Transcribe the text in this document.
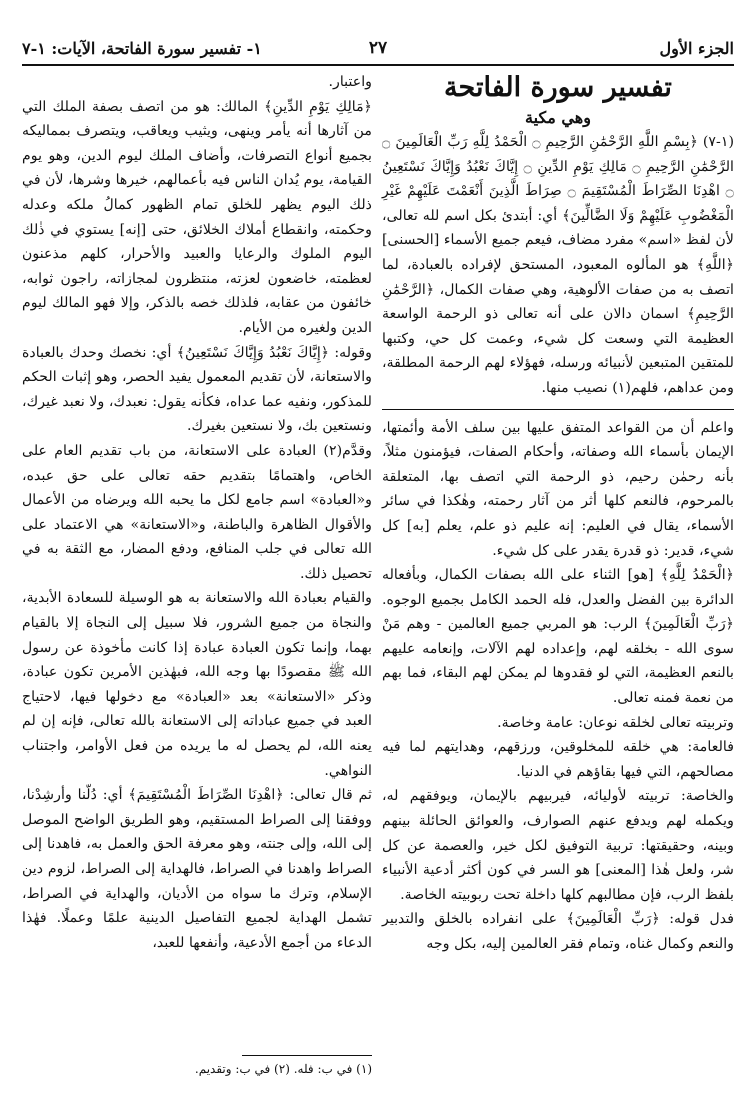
الجزء الأول
٢٧
١- تفسير سورة الفاتحة، الآيات: ١-٧

تفسير سورة الفاتحة

وهي مكية

(١-٧) ﴿بِسْمِ اللَّهِ الرَّحْمَٰنِ الرَّحِيمِ ۝ الْحَمْدُ لِلَّهِ رَبِّ الْعَالَمِينَ ۝ الرَّحْمَٰنِ الرَّحِيمِ ۝ مَالِكِ يَوْمِ الدِّينِ ۝ إِيَّاكَ نَعْبُدُ وَإِيَّاكَ نَسْتَعِينُ ۝ اهْدِنَا الصِّرَاطَ الْمُسْتَقِيمَ ۝ صِرَاطَ الَّذِينَ أَنْعَمْتَ عَلَيْهِمْ غَيْرِ الْمَغْضُوبِ عَلَيْهِمْ وَلَا الضَّالِّينَ﴾ أي: أبتدئ بكل اسم لله تعالى، لأن لفظ «اسم» مفرد مضاف، فيعم جميع الأسماء [الحسنى] ﴿اللَّهِ﴾ هو المألوه المعبود، المستحق لإفراده بالعبادة، لما اتصف به من صفات الألوهية، وهي صفات الكمال، ﴿الرَّحْمَٰنِ الرَّحِيمِ﴾ اسمان دالان على أنه تعالى ذو الرحمة الواسعة العظيمة التي وسعت كل شيء، وعمت كل حي، وكتبها للمتقين المتبعين لأنبيائه ورسله، فهؤلاء لهم الرحمة المطلقة، ومن عداهم، فلهم(١) نصيب منها.

واعلم أن من القواعد المتفق عليها بين سلف الأمة وأئمتها، الإيمان بأسماء الله وصفاته، وأحكام الصفات، فيؤمنون مثلاً، بأنه رحمٰن رحيم، ذو الرحمة التي اتصف بها، المتعلقة بالمرحوم، فالنعم كلها أثر من آثار رحمته، وهٰكذا في سائر الأسماء، يقال في العليم: إنه عليم ذو علم، يعلم [به] كل شيء، قدير: ذو قدرة يقدر على كل شيء.

﴿الْحَمْدُ لِلَّهِ﴾ [هو] الثناء على الله بصفات الكمال، وبأفعاله الدائرة بين الفضل والعدل، فله الحمد الكامل بجميع الوجوه. ﴿رَبِّ الْعَالَمِينَ﴾ الرب: هو المربي جميع العالمين - وهم مَنْ سوى الله - بخلقه لهم، وإعداده لهم الآلات، وإنعامه عليهم بالنعم العظيمة، التي لو فقدوها لم يمكن لهم البقاء، فما بهم من نعمة فمنه تعالى.

وتربيته تعالى لخلقه نوعان: عامة وخاصة.

فالعامة: هي خلقه للمخلوقين، ورزقهم، وهدايتهم لما فيه مصالحهم، التي فيها بقاؤهم في الدنيا.

والخاصة: تربيته لأوليائه، فيربيهم بالإيمان، ويوفقهم له، ويكمله لهم ويدفع عنهم الصوارف، والعوائق الحائلة بينهم وبينه، وحقيقتها: تربية التوفيق لكل خير، والعصمة عن كل شر، ولعل هٰذا [المعنى] هو السر في كون أكثر أدعية الأنبياء بلفظ الرب، فإن مطالبهم كلها داخلة تحت ربوبيته الخاصة.

فدل قوله: ﴿رَبِّ الْعَالَمِينَ﴾ على انفراده بالخلق والتدبير والنعم وكمال غناه، وتمام فقر العالمين إليه، بكل وجه

واعتبار.

﴿مَالِكِ يَوْمِ الدِّينِ﴾ المالك: هو من اتصف بصفة الملك التي من آثارها أنه يأمر وينهى، ويثيب ويعاقب، ويتصرف بمماليكه بجميع أنواع التصرفات، وأضاف الملك ليوم الدين، وهو يوم القيامة، يوم يُدان الناس فيه بأعمالهم، خيرها وشرها، لأن في ذلك اليوم يظهر للخلق تمام الظهور كمالُ ملكه وعدله وحكمته، وانقطاع أملاك الخلائق، حتى [إنه] يستوي في ذٰلك اليوم الملوك والرعايا والعبيد والأحرار، كلهم مذعنون لعظمته، خاضعون لعزته، منتظرون لمجازاته، راجون ثوابه، خائفون من عقابه، فلذلك خصه بالذكر، وإلا فهو المالك ليوم الدين ولغيره من الأيام.

وقوله: ﴿إِيَّاكَ نَعْبُدُ وَإِيَّاكَ نَسْتَعِينُ﴾ أي: نخصك وحدك بالعبادة والاستعانة، لأن تقديم المعمول يفيد الحصر، وهو إثبات الحكم للمذكور، ونفيه عما عداه، فكأنه يقول: نعبدك، ولا نعبد غيرك، ونستعين بك، ولا نستعين بغيرك.

وقدَّم(٢) العبادة على الاستعانة، من باب تقديم العام على الخاص، واهتمامًا بتقديم حقه تعالى على حق عبده، و«العبادة» اسم جامع لكل ما يحبه الله ويرضاه من الأعمال والأقوال الظاهرة والباطنة، و«الاستعانة» هي الاعتماد على الله تعالى في جلب المنافع، ودفع المضار، مع الثقة به في تحصيل ذلك.

والقيام بعبادة الله والاستعانة به هو الوسيلة للسعادة الأبدية، والنجاة من جميع الشرور، فلا سبيل إلى النجاة إلا بالقيام بهما، وإنما تكون العبادة عبادة إذا كانت مأخوذة عن رسول الله ﷺ مقصودًا بها وجه الله، فبهٰذين الأمرين تكون عبادة، وذكر «الاستعانة» بعد «العبادة» مع دخولها فيها، لاحتياج العبد في جميع عباداته إلى الاستعانة بالله تعالى، فإنه إن لم يعنه الله، لم يحصل له ما يريده من فعل الأوامر، واجتناب النواهي.

ثم قال تعالى: ﴿اهْدِنَا الصِّرَاطَ الْمُسْتَقِيمَ﴾ أي: دُلّنا وأرشِدْنا، ووفقنا إلى الصراط المستقيم، وهو الطريق الواضح الموصل إلى الله، وإلى جنته، وهو معرفة الحق والعمل به، فاهدنا إلى الصراط واهدنا في الصراط، فالهداية إلى الصراط، لزوم دين الإسلام، وترك ما سواه من الأديان، والهداية في الصراط، تشمل الهداية لجميع التفاصيل الدينية علمًا وعملًا. فهٰذا الدعاء من أجمع الأدعية، وأنفعها للعبد،

(١) في ب: فله. (٢) في ب: وتقديم.
